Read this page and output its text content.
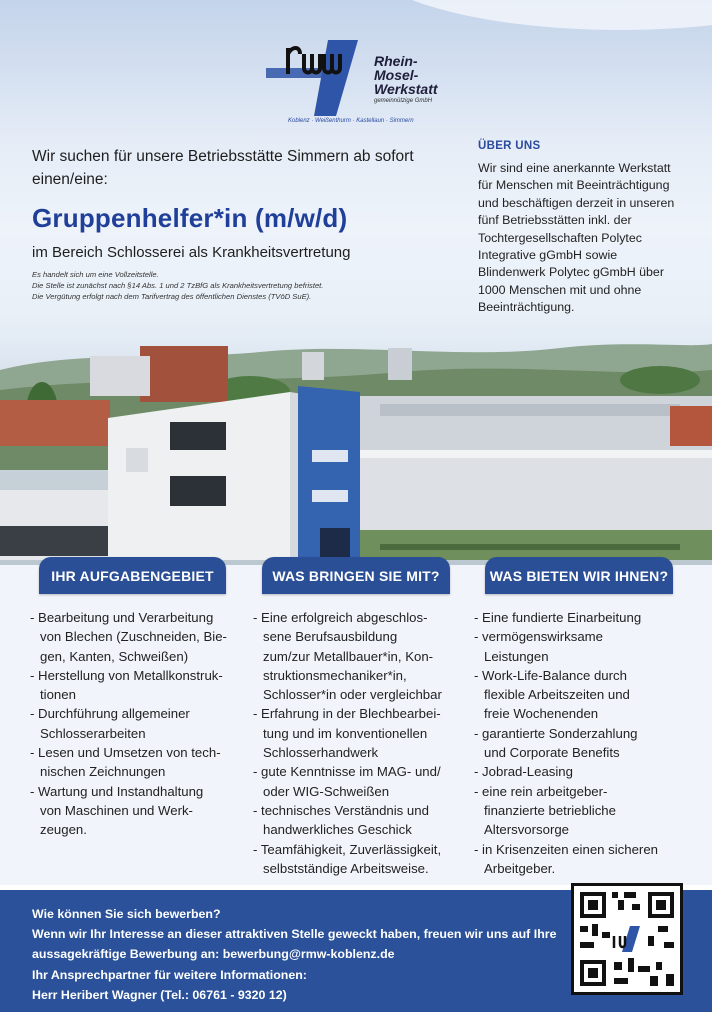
Rhein-
Mosel-
Werkstatt
gemeinnützige GmbH
Koblenz · Weißenthurm · Kastellaun · Simmern
Wir suchen für unsere Betriebsstätte Simmern ab sofort einen/eine:
Gruppenhelfer*in (m/w/d)
im Bereich Schlosserei als Krankheitsvertretung
Es handelt sich um eine Vollzeitstelle.
Die Stelle ist zunächst nach §14 Abs. 1 und 2 TzBfG als Krankheitsvertretung befristet.
Die Vergütung erfolgt nach dem Tarifvertrag des öffentlichen Dienstes (TVöD SuE).
ÜBER UNS
Wir sind eine anerkannte Werkstatt
für Menschen mit Beeinträchtigung
und beschäftigen derzeit in unseren
fünf Betriebsstätten inkl. der
Tochtergesellschaften Polytec
Integrative gGmbH sowie
Blindenwerk Polytec gGmbH über
1000 Menschen mit und ohne
Beeinträchtigung.
IHR AUFGABENGEBIET	WAS BRINGEN SIE MIT?	WAS BIETEN WIR IHNEN?
- Bearbeitung und Verarbeitung
von Blechen (Zuschneiden, Bie-
gen, Kanten, Schweißen)
- Herstellung von Metallkonstruk-
tionen
- Durchführung allgemeiner
Schlosserarbeiten
- Lesen und Umsetzen von tech-
nischen Zeichnungen
- Wartung und Instandhaltung
von Maschinen und Werk-
zeugen.
- Eine erfolgreich abgeschlos-
sene Berufsausbildung
zum/zur Metallbauer*in, Kon-
struktionsmechaniker*in,
Schlosser*in oder vergleichbar
- Erfahrung in der Blechbearbei-
tung und im konventionellen
Schlosserhandwerk
- gute Kenntnisse im MAG- und/
oder WIG-Schweißen
- technisches Verständnis und
handwerkliches Geschick
- Teamfähigkeit, Zuverlässigkeit,
selbstständige Arbeitsweise.
- Eine fundierte Einarbeitung
- vermögenswirksame
Leistungen
- Work-Life-Balance durch
flexible Arbeitszeiten und
freie Wochenenden
- garantierte Sonderzahlung
und Corporate Benefits
- Jobrad-Leasing
- eine rein arbeitgeber-
finanzierte betriebliche
Altersvorsorge
- in Krisenzeiten einen sicheren
Arbeitgeber.
Wie können Sie sich bewerben?
Wenn wir Ihr Interesse an dieser attraktiven Stelle geweckt haben, freuen wir uns auf Ihre
aussagekräftige Bewerbung an: bewerbung@rmw-koblenz.de
Ihr Ansprechpartner für weitere Informationen:
Herr Heribert Wagner (Tel.: 06761 - 9320 12)
